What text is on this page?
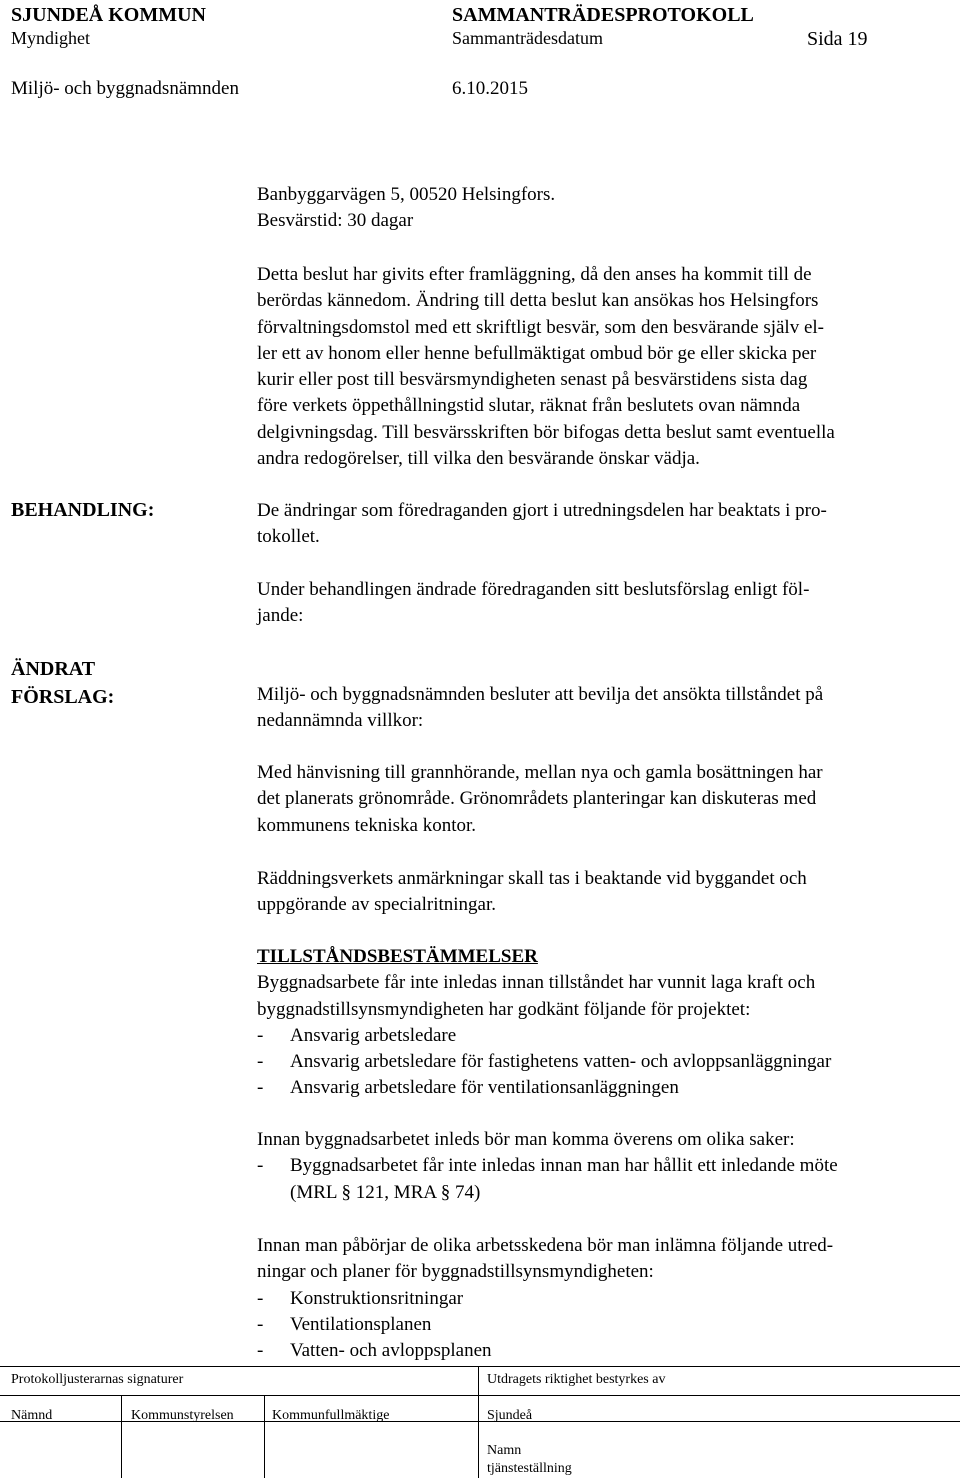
SJUNDEÅ KOMMUN	SAMMANTRÄDESPROTOKOLL
Myndighet	Sammanträdesdatum	Sida 19
Miljö- och byggnadsnämnden	6.10.2015
Banbyggarvägen 5, 00520 Helsingfors.
Besvärstid: 30 dagar
Detta beslut har givits efter framläggning, då den anses ha kommit till de
berördas kännedom. Ändring till detta beslut kan ansökas hos Helsingfors
förvaltningsdomstol med ett skriftligt besvär, som den besvärande själv el-
ler ett av honom eller henne befullmäktigat ombud bör ge eller skicka per
kurir eller post till besvärsmyndigheten senast på besvärstidens sista dag
före verkets öppethållningstid slutar, räknat från beslutets ovan nämnda
delgivningsdag. Till besvärsskriften bör bifogas detta beslut samt eventuella
andra redogörelser, till vilka den besvärande önskar vädja.
BEHANDLING:	De ändringar som föredraganden gjort i utredningsdelen har beaktats i pro-
tokollet.
Under behandlingen ändrade föredraganden sitt beslutsförslag enligt föl-
jande:
ÄNDRAT
FÖRSLAG:	Miljö- och byggnadsnämnden besluter att bevilja det ansökta tillståndet på
nedannämnda villkor:
Med hänvisning till grannhörande, mellan nya och gamla bosättningen har
det planerats grönområde. Grönområdets planteringar kan diskuteras med
kommunens tekniska kontor.
Räddningsverkets anmärkningar skall tas i beaktande vid byggandet och
uppgörande av specialritningar.
TILLSTÅNDSBESTÄMMELSER
Byggnadsarbete får inte inledas innan tillståndet har vunnit laga kraft och
byggnadstillsynsmyndigheten har godkänt följande för projektet:
-	Ansvarig arbetsledare
-	Ansvarig arbetsledare för fastighetens vatten- och avloppsanläggningar
-	Ansvarig arbetsledare för ventilationsanläggningen
Innan byggnadsarbetet inleds bör man komma överens om olika saker:
-	Byggnadsarbetet får inte inledas innan man har hållit ett inledande möte
(MRL § 121, MRA § 74)
Innan man påbörjar de olika arbetsskedena bör man inlämna följande utred-
ningar och planer för byggnadstillsynsmyndigheten:
-	Konstruktionsritningar
-	Ventilationsplanen
-	Vatten- och avloppsplanen
Protokolljusterarnas signaturer	Utdragets riktighet bestyrkes av
Nämnd	Kommunstyrelsen	Kommunfullmäktige	Sjundeå
Namn
tjänsteställning
